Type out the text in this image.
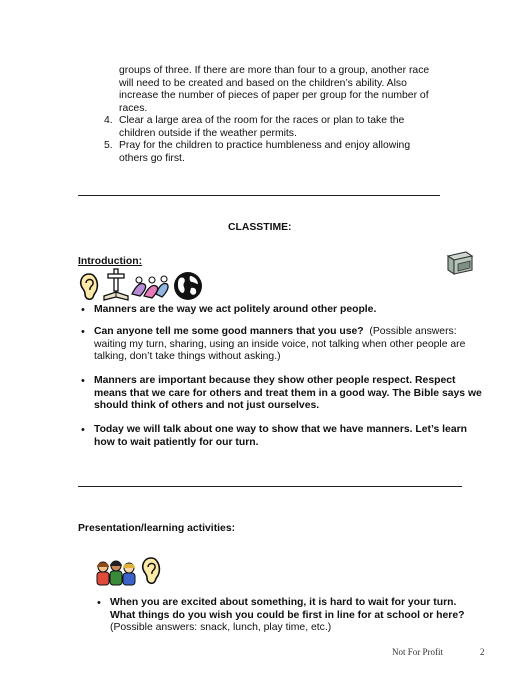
groups of three. If there are more than four to a group, another race
will need to be created and based on the children’s ability. Also
increase the number of pieces of paper per group for the number of
races.
4. Clear a large area of the room for the races or plan to take the
children outside if the weather permits.
5. Pray for the children to practice humbleness and enjoy allowing
others go first.
CLASSTIME:
Introduction:
• Manners are the way we act politely around other people.
• Can anyone tell me some good manners that you use?  (Possible answers:
waiting my turn, sharing, using an inside voice, not talking when other people are
talking, don’t take things without asking.)
• Manners are important because they show other people respect. Respect
means that we care for others and treat them in a good way. The Bible says we
should think of others and not just ourselves.
• Today we will talk about one way to show that we have manners. Let’s learn
how to wait patiently for our turn.
Presentation/learning activities:
• When you are excited about something, it is hard to wait for your turn.
What things do you wish you could be first in line for at school or here?
(Possible answers: snack, lunch, play time, etc.)
Not For Profit	2
